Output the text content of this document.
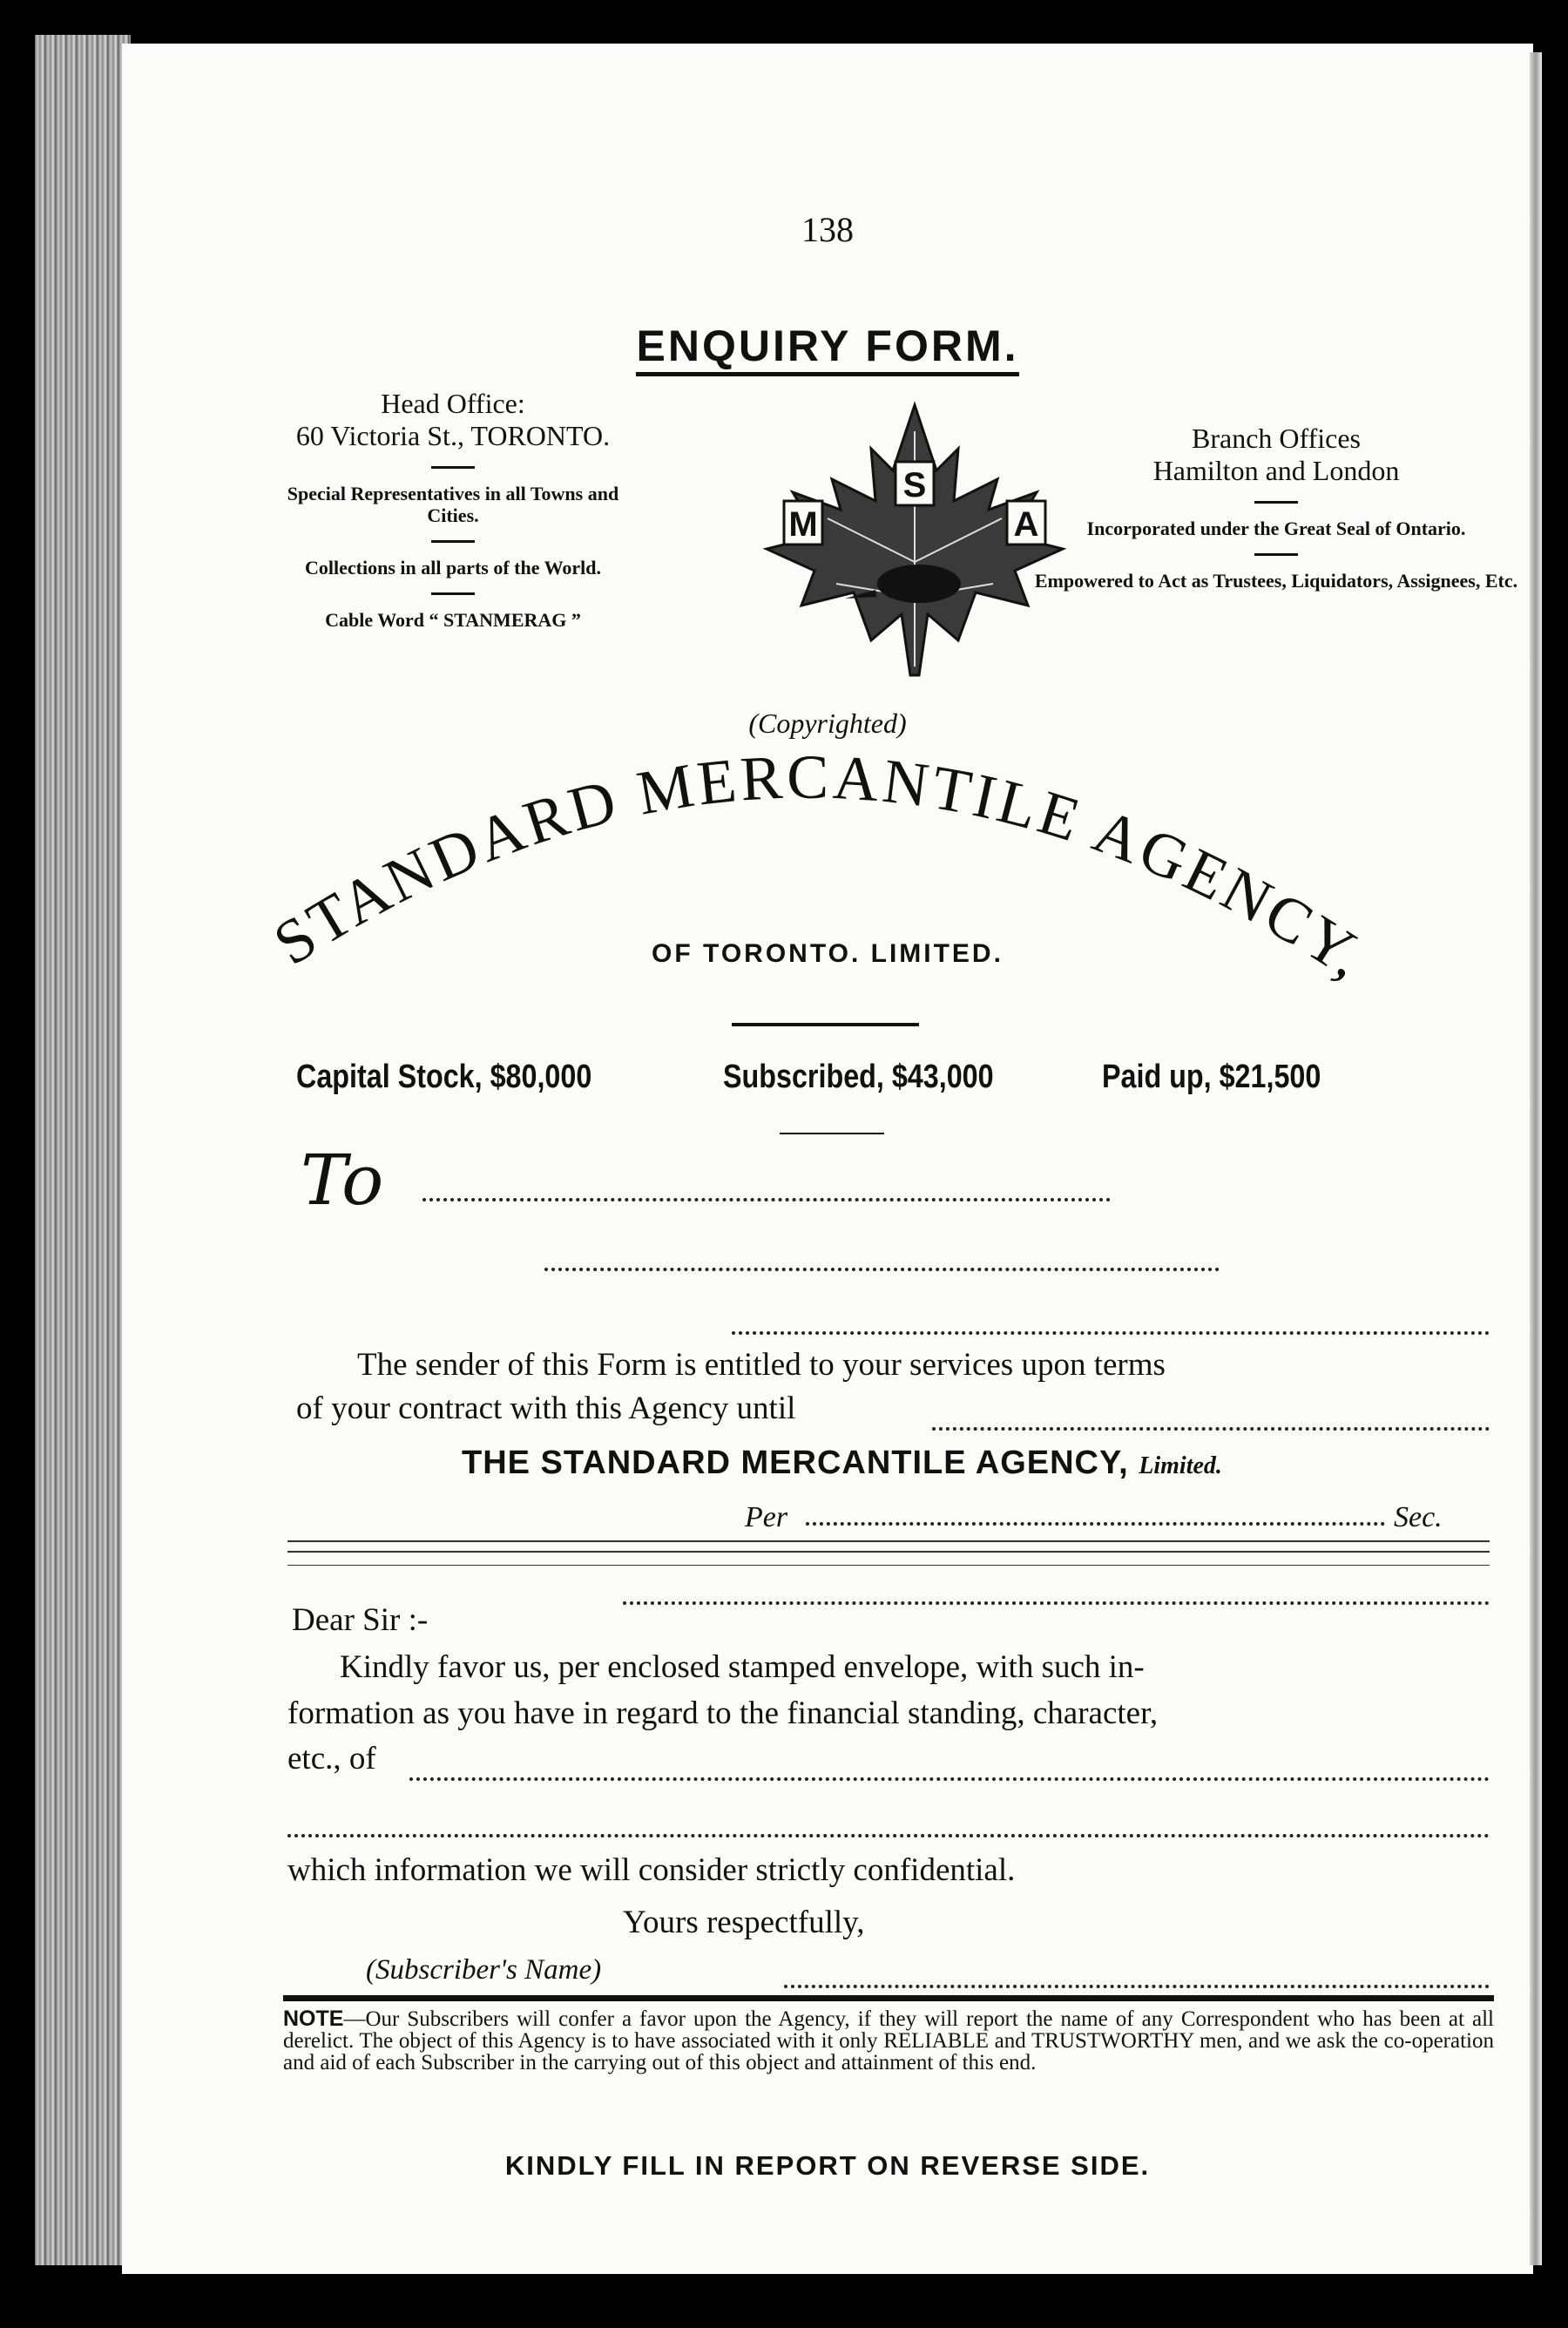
138
ENQUIRY FORM.

Head Office:

60 Victoria St., TORONTO.

Special Representatives in all Towns and Cities.

Collections in all parts of the World.

Cable Word “ STANMERAG ”

Branch Offices

Hamilton and London

Incorporated under the Great Seal of Ontario.

Empowered to Act as Trustees, Liquidators, Assignees, Etc.

M
S
A
(Copyrighted)
STANDARD MERCANTILE AGENCY,
OF TORONTO. LIMITED.
Capital Stock, $80,000	Subscribed, $43,000	Paid up, $21,500
To
The sender of this Form is entitled to your services upon terms
of your contract with this Agency until
THE STANDARD MERCANTILE AGENCY, Limited.
Per	Sec.
Dear Sir :-
Kindly favor us, per enclosed stamped envelope, with such in-
formation as you have in regard to the financial standing, character,
etc., of
which information we will consider strictly confidential.
Yours respectfully,
(Subscriber's Name)
NOTE—Our Subscribers will confer a favor upon the Agency, if they will report the name of any Correspondent who has been at all derelict. The object of this Agency is to have associated with it only RELIABLE and TRUSTWORTHY men, and we ask the co-operation and aid of each Subscriber in the carrying out of this object and attainment of this end.
KINDLY FILL IN REPORT ON REVERSE SIDE.
